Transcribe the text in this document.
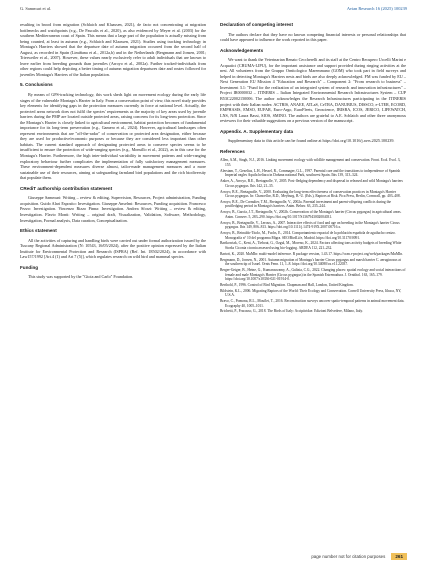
G. Sammuri et al.	Avian Research 16 (2025) 100239

resulting in brood from migration (Schlaich and Klaassen, 2021), de facto not concentrating at migration bottlenecks and watchpoints (e.g., De Pascalis et al., 2020), as also evidenced by Meyer et al. (2003) for the southern Mediterranean coast of Spain. This means that a large part of the population is actually missing from being counted, at least in autumn (e.g., Schlaich and Klaassen, 2021). Studies using tracking technology in Montagu's Harriers showed that the departure date of autumn migration occurred from the second half of August, as recorded in Spain (Limiñana et al., 2012a,b) and in the Netherlands (Bergmann and Jonsen, 2001; Trierweiler et al., 2007). However, these values nearly exclusively refer to adult individuals that are known to leave earlier from breeding grounds than juveniles (Arroyo et al., 2002a). Further tracked-individuals from other regions could help depicting a better timing of autumn migration departures date and routes followed for juveniles Montagu's Harriers of the Italian population.

5. Conclusions

By means of GPS-tracking technology, this work sheds light on movement ecology during the early life stages of the vulnerable Montagu's Harrier in Italy. From a conservation point of view, this novel study provides key elements for identifying gaps in the protection measures currently in force at national level. Actually, the protected areas network does not fulfil the species' requirements as the majority of key areas used by juvenile harriers during the PMP are located outside protected areas, raising concerns for its long-term protection. Since the Montagu's Harrier is closely linked to agricultural environment, habitat protection becomes of fundamental importance for its long-term preservation (e.g., Gamero et al., 2024). However, agricultural landscapes often represent environments that are "off-the-radar" of conservation or protected area designation, either because they are used for productive/economic purposes or because they are considered less important than other habitats. The current standard approach of designating protected areas to conserve species seems to be insufficient to ensure the protection of wide-ranging species (e.g., Monsillo et al., 2022), as in this case for the Montagu's Harrier. Furthermore, the high inter-individual variability in movement patterns and wide-ranging exploratory behaviour further complicates the implementation of fully satisfactory management measures. These environment-dependent measures diverse almost, tailor-made management measures and a more sustainable use of their resources, aiming at safeguarding farmland bird populations and the rich biodiversity that populate them.

CRediT authorship contribution statement

Giuseppe Sammuri: Writing – review & editing, Supervision, Resources, Project administration, Funding acquisition. Guido Alari Esposito: Investigation. Giuseppe Anselmi: Resources, Funding acquisition. Francesco Pezzo: Investigation. Vincenzo Rizzo Pinna: Investigation. Andrea Sforzi: Writing – review & editing, Investigation. Flavio Monti: Writing – original draft, Visualization, Validation, Software, Methodology, Investigation, Formal analysis, Data curation, Conceptualization.

Ethics statement

All the activities of capturing and handling birds were carried out under formal authorization issued by the Tuscany Regional Administration (N: 10543, 16/05/2024), after the positive opinion expressed by the Italian Institute for Environmental Protection and Research (ISPRA) (Ref. Int. 18502/2024), in accordance with Law157/1992 [Art.4 (1) and Art 7 (5)], which regulates research on wild bird and mammal species.

Funding

This study was supported by the "Gioia and Carlo" Foundation.

Declaration of competing interest

The authors declare that they have no known competing financial interests or personal relationships that could have appeared to influence the work reported in this paper.

Acknowledgements

We want to thank the Veterinarian Renato Ceccherelli and its staff at the Centro Recupero Uccelli Marini e Acquatici (CRUMA-LIPU), for the important assistance and support provided during ringing activities at the nest. All volunteers from the Gruppo Ornitologico Maremmano (GOM) who took part in field surveys and helped in detecting Montagu's Harriers nests and birds are also deeply acknowledged. FM was funded by EU – Next Generation EU Mission 4 "Education and Research" – Component 2: "From research to business" – Investment 3.1: "Fund for the realization of an integrated system of research and innovation infrastructures" – Project IR0000032 – ITINERIS – Italian Integrated Environmental Research Infrastructures System – CUP B53C22002150006. The author acknowledges the Research Infrastructures participating in the ITINERIS project with their Italian nodes: ACTRIS, ANAEE, ATLaS, CeTRA, DANUBIUS, DISSCO, e-LTER, ECORD, EMPHASIS, EMSO, EUFAR, Euro-Argo, EuroFleets, Geoscience, IBISBA, ICOS, JERICO, LIFEWATCH, LNS, N/R Laura Bassi, SIOS, SMINO. The authors are grateful to A.E. Schlaich and other three anonymous reviewers for their valuable suggestions on a previous version of the manuscript.

Appendix. A. Supplementary data

Supplementary data to this article can be found online at https://doi.org/10.1016/j.avrs.2025.100239.

References
Allen, A.M., Singh, N.J., 2016. Linking movement ecology with wildlife management and conservation. Front. Ecol. Evol. 3, 155.
Alerstam, T., Gezelius, L.H., Hessel, R., Commager, G.L., 1997. Parental care and the transitions to independence of Spanish Imperial eagles Aquila heliaca in Doñana national Park, southwest Spain. Ibis 139, 313–324.
Anker, A., Arroyo, B.E., Bretagnolle, V., 2005. Post-fledging dependency and dispersal in released and wild Montagu's harriers Circus pygargus. Ibis 142, 21–35.
Arroyo, B.E., Bretagnolle, V., 2000. Evaluating the long-term effectiveness of conservation practices in Montagu's Harrier Circus pygargus. In: Chancellor, R.D., Meyburg, B.-U. (Eds.), Raptors at Risk. Pica Press, Berlin, Cornwall, pp. 403–408.
Arroyo, B.E., De Cornulier, T.M., Bretagnolle, V., 2002a. Parental investment and parent-offspring conflicts during the postfledging period in Montagu's harriers. Anim. Behav. 63, 235–244.
Arroyo, B., García, J.T., Bretagnolle, V., 2002b. Conservation of the Montagu's harrier (Circus pygargus) in agricultural areas. Anim. Conserv. 5, 283–290. https://doi.org/10.1017/S1367943002004031.
Arroyo, B., Bretagnolle, V., Leroux, A., 2007. Interactive effects of food and age on breeding in the Montagu's harrier Circus pygargus. Ibis 149, 806–813. https://doi.org/10.1111/j.1474-919X.2007.00716.x.
Arroyo, B., Reinaldo-Titolo, M., Fuchs, E., 2014. Comportamiento espacial de la población española de aguilucho cenizo. Monografía n° 10 del programa Migra. SEO/BirdLife, Madrid. https://doi.org/10.31170/0091.
Bartkowiak, C., Keni, A., Tiebout, G., Ozgul, M., Moreno, K., 2024. Factors affecting tons activity budgets of breeding White Storks Ciconia ciconia assessed using bio-logging. ARDEA 112, 221–232.
Bartoń, K., 2020. MuMIn: multi-model inference. R package version, 1.43.17. https://cran.r-project.org/web/packages/MuMIn.
Bergmann, D., Jonsen, N., 2001. Autumn migration of Montagu's harrier Circus pygargus and marsh harrier C. aeruginosus at the southern tip of Israel. Ornis Fenn. 11, 1–8. https://doi.org/10.34080/os.v11.22037.
Berger-Geiger, B., Heine, G., Kumaraswamy, A., Galizia, C.G., 2022. Changing places: spatial ecology and social interactions of female and male Montagu's Harrier (Circus pygargus) in the Spanish Estremadura. J. Ornithol. 163, 165–179. https://doi.org/10.1007/s10336-021-01914-0.
Berthold, P., 1996. Control of Bird Migration. Chapman and Hall, London, United Kingdom.
Bildstein, K.L., 2006. Migrating Raptors of the World: Their Ecology and Conservation. Cornell University Press, Ithaca, NY, U.S.A.
Bravo, C., Pomona, R.L., Mouflet, T., 2016. Reconstruction surveys uncover spatio-temporal patterns in animal movement data. Ecography 40, 1005–1011.
Brichetti, P., Fracasso, G., 2018. The Birds of Italy: Accipitridae. Edizioni Belvedere, Milano, Italy.
page number not for citation purposes	261
